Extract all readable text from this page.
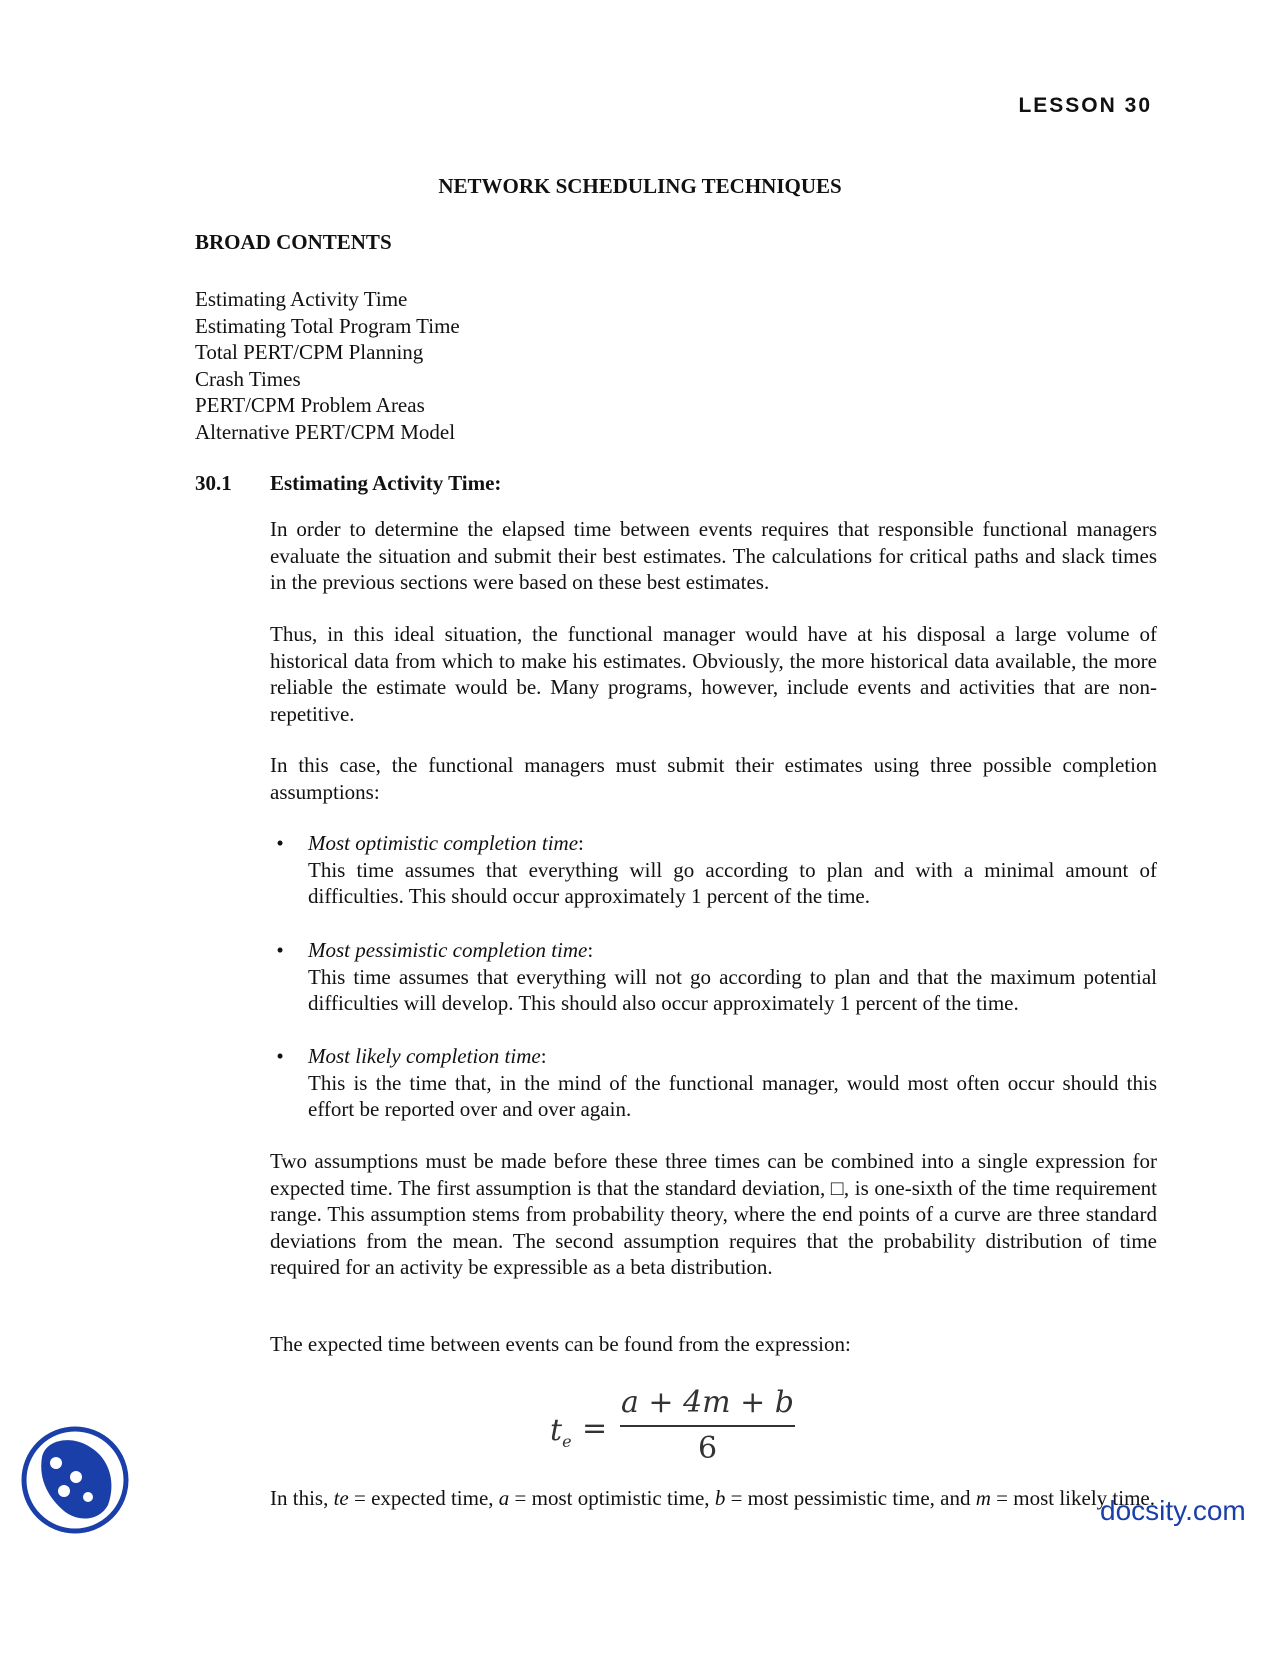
LESSON 30
NETWORK SCHEDULING TECHNIQUES
BROAD CONTENTS
Estimating Activity Time
Estimating Total Program Time
Total PERT/CPM Planning
Crash Times
PERT/CPM Problem Areas
Alternative PERT/CPM Model
30.1 Estimating Activity Time:

In order to determine the elapsed time between events requires that responsible functional managers evaluate the situation and submit their best estimates. The calculations for critical paths and slack times in the previous sections were based on these best estimates.

Thus, in this ideal situation, the functional manager would have at his disposal a large volume of historical data from which to make his estimates. Obviously, the more historical data available, the more reliable the estimate would be. Many programs, however, include events and activities that are non-repetitive.

In this case, the functional managers must submit their estimates using three possible completion assumptions:

•	Most optimistic completion time:
This time assumes that everything will go according to plan and with a minimal amount of difficulties. This should occur approximately 1 percent of the time.
•	Most pessimistic completion time:
This time assumes that everything will not go according to plan and that the maximum potential difficulties will develop. This should also occur approximately 1 percent of the time.
•	Most likely completion time:
This is the time that, in the mind of the functional manager, would most often occur should this effort be reported over and over again.

Two assumptions must be made before these three times can be combined into a single expression for expected time. The first assumption is that the standard deviation, □, is one-sixth of the time requirement range. This assumption stems from probability theory, where the end points of a curve are three standard deviations from the mean. The second assumption requires that the probability distribution of time required for an activity be expressible as a beta distribution.

The expected time between events can be found from the expression:

$t_e$ =
a + 4m + b
6

In this, te = expected time, a = most optimistic time, b = most pessimistic time, and m = most likely time.

docsity.com
